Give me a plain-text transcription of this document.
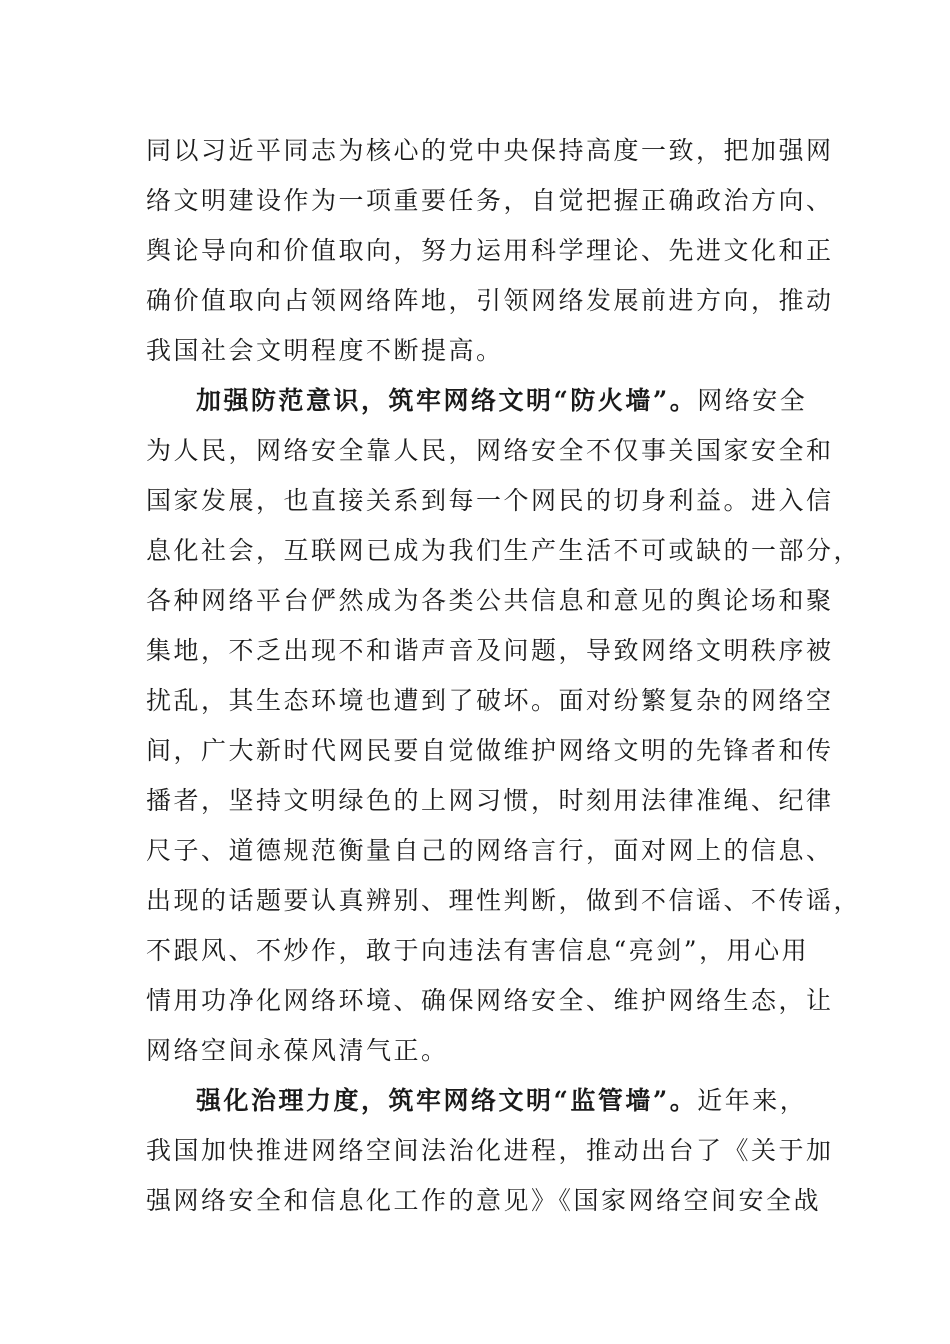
同以习近平同志为核心的党中央保持高度一致，把加强网
络文明建设作为一项重要任务，自觉把握正确政治方向、
舆论导向和价值取向，努力运用科学理论、先进文化和正
确价值取向占领网络阵地，引领网络发展前进方向，推动
我国社会文明程度不断提高。
加强防范意识，筑牢网络文明“防火墙”。网络安全
为人民，网络安全靠人民，网络安全不仅事关国家安全和
国家发展，也直接关系到每一个网民的切身利益。进入信
息化社会，互联网已成为我们生产生活不可或缺的一部分，
各种网络平台俨然成为各类公共信息和意见的舆论场和聚
集地，不乏出现不和谐声音及问题，导致网络文明秩序被
扰乱，其生态环境也遭到了破坏。面对纷繁复杂的网络空
间，广大新时代网民要自觉做维护网络文明的先锋者和传
播者，坚持文明绿色的上网习惯，时刻用法律准绳、纪律
尺子、道德规范衡量自己的网络言行，面对网上的信息、
出现的话题要认真辨别、理性判断，做到不信谣、不传谣，
不跟风、不炒作，敢于向违法有害信息“亮剑”，用心用
情用功净化网络环境、确保网络安全、维护网络生态，让
网络空间永葆风清气正。
强化治理力度，筑牢网络文明“监管墙”。近年来，
我国加快推进网络空间法治化进程，推动出台了《关于加
强网络安全和信息化工作的意见》《国家网络空间安全战
